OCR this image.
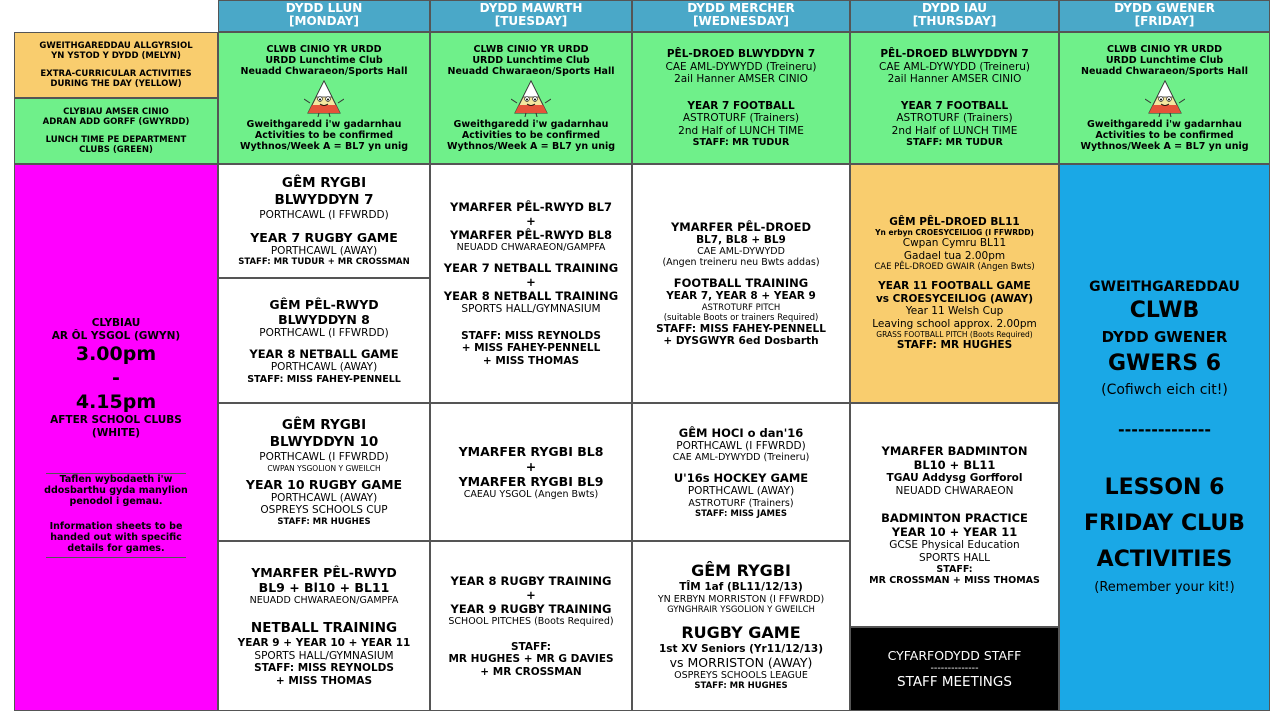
DYDD LLUN
[MONDAY]
DYDD MAWRTH
[TUESDAY]
DYDD MERCHER
[WEDNESDAY]
DYDD IAU
[THURSDAY]
DYDD GWENER
[FRIDAY]
GWEITHGAREDDAU ALLGYRSIOL
YN YSTOD Y DYDD (MELYN)
EXTRA-CURRICULAR ACTIVITIES
DURING THE DAY (YELLOW)
CLYBIAU AMSER CINIO
ADRAN ADD GORFF (GWYRDD)
LUNCH TIME PE DEPARTMENT
CLUBS (GREEN)
CLWB CINIO YR URDD
URDD Lunchtime Club
Neuadd Chwaraeon/Sports Hall
Gweithgaredd i'w gadarnhau
Activities to be confirmed
Wythnos/Week A = BL7 yn unig
CLWB CINIO YR URDD
URDD Lunchtime Club
Neuadd Chwaraeon/Sports Hall
Gweithgaredd i'w gadarnhau
Activities to be confirmed
Wythnos/Week A = BL7 yn unig
PÊL-DROED BLWYDDYN 7
CAE AML-DYWYDD (Treineru)
2ail Hanner AMSER CINIO
YEAR 7 FOOTBALL
ASTROTURF (Trainers)
2nd Half of LUNCH TIME
STAFF: MR TUDUR
PÊL-DROED BLWYDDYN 7
CAE AML-DYWYDD (Treineru)
2ail Hanner AMSER CINIO
YEAR 7 FOOTBALL
ASTROTURF (Trainers)
2nd Half of LUNCH TIME
STAFF: MR TUDUR
CLWB CINIO YR URDD
URDD Lunchtime Club
Neuadd Chwaraeon/Sports Hall
Gweithgaredd i'w gadarnhau
Activities to be confirmed
Wythnos/Week A = BL7 yn unig
CLYBIAU
AR ÔL YSGOL (GWYN)
3.00pm
-
4.15pm
AFTER SCHOOL CLUBS
(WHITE)
Taflen wybodaeth i'w
ddosbarthu gyda manylion
penodol i gemau.
Information sheets to be
handed out with specific
details for games.
GÊM RYGBI
BLWYDDYN 7
PORTHCAWL (I FFWRDD)
YEAR 7 RUGBY GAME
PORTHCAWL (AWAY)
STAFF: MR TUDUR + MR CROSSMAN
GÊM PÊL-RWYD
BLWYDDYN 8
PORTHCAWL (I FFWRDD)
YEAR 8 NETBALL GAME
PORTHCAWL (AWAY)
STAFF: MISS FAHEY-PENNELL
GÊM RYGBI
BLWYDDYN 10
PORTHCAWL (I FFWRDD)
CWPAN YSGOLION Y GWEILCH
YEAR 10 RUGBY GAME
PORTHCAWL (AWAY)
OSPREYS SCHOOLS CUP
STAFF: MR HUGHES
YMARFER PÊL-RWYD
BL9 + Bl10 + BL11
NEUADD CHWARAEON/GAMPFA
NETBALL TRAINING
YEAR 9 + YEAR 10 + YEAR 11
SPORTS HALL/GYMNASIUM
STAFF: MISS REYNOLDS
+ MISS THOMAS
YMARFER PÊL-RWYD BL7
+
YMARFER PÊL-RWYD BL8
NEUADD CHWARAEON/GAMPFA
YEAR 7 NETBALL TRAINING
+
YEAR 8 NETBALL TRAINING
SPORTS HALL/GYMNASIUM
STAFF: MISS REYNOLDS
+ MISS FAHEY-PENNELL
+ MISS THOMAS
YMARFER RYGBI BL8
+
YMARFER RYGBI BL9
CAEAU YSGOL (Angen Bwts)
YEAR 8 RUGBY TRAINING
+
YEAR 9 RUGBY TRAINING
SCHOOL PITCHES (Boots Required)
STAFF:
MR HUGHES + MR G DAVIES
+ MR CROSSMAN
YMARFER PÊL-DROED
BL7, BL8 + BL9
CAE AML-DYWYDD
(Angen treineru neu Bwts addas)
FOOTBALL TRAINING
YEAR 7, YEAR 8 + YEAR 9
ASTROTURF PITCH
(suitable Boots or trainers Required)
STAFF: MISS FAHEY-PENNELL
+ DYSGWYR 6ed Dosbarth
GÊM HOCI o dan'16
PORTHCAWL (I FFWRDD)
CAE AML-DYWYDD (Treineru)
U'16s HOCKEY GAME
PORTHCAWL (AWAY)
ASTROTURF (Trainers)
STAFF: MISS JAMES
GÊM RYGBI
TÎM 1af (BL11/12/13)
YN ERBYN MORRISTON (I FFWRDD)
GYNGHRAIR YSGOLION Y GWEILCH
RUGBY GAME
1st XV Seniors (Yr11/12/13)
vs MORRISTON (AWAY)
OSPREYS SCHOOLS LEAGUE
STAFF: MR HUGHES
GÊM PÊL-DROED BL11
Yn erbyn CROESYCEILIOG (I FFWRDD)
Cwpan Cymru BL11
Gadael tua 2.00pm
CAE PÊL-DROED GWAIR (Angen Bwts)
YEAR 11 FOOTBALL GAME
vs CROESYCEILIOG (AWAY)
Year 11 Welsh Cup
Leaving school approx. 2.00pm
GRASS FOOTBALL PITCH (Boots Required)
STAFF: MR HUGHES
YMARFER BADMINTON
BL10 + BL11
TGAU Addysg Gorfforol
NEUADD CHWARAEON
BADMINTON PRACTICE
YEAR 10 + YEAR 11
GCSE Physical Education
SPORTS HALL
STAFF:
MR CROSSMAN + MISS THOMAS
CYFARFODYDD STAFF
--------------
STAFF MEETINGS
GWEITHGAREDDAU
CLWB
DYDD GWENER
GWERS 6
(Cofiwch eich cit!)
--------------
LESSON 6
FRIDAY CLUB
ACTIVITIES
(Remember your kit!)
